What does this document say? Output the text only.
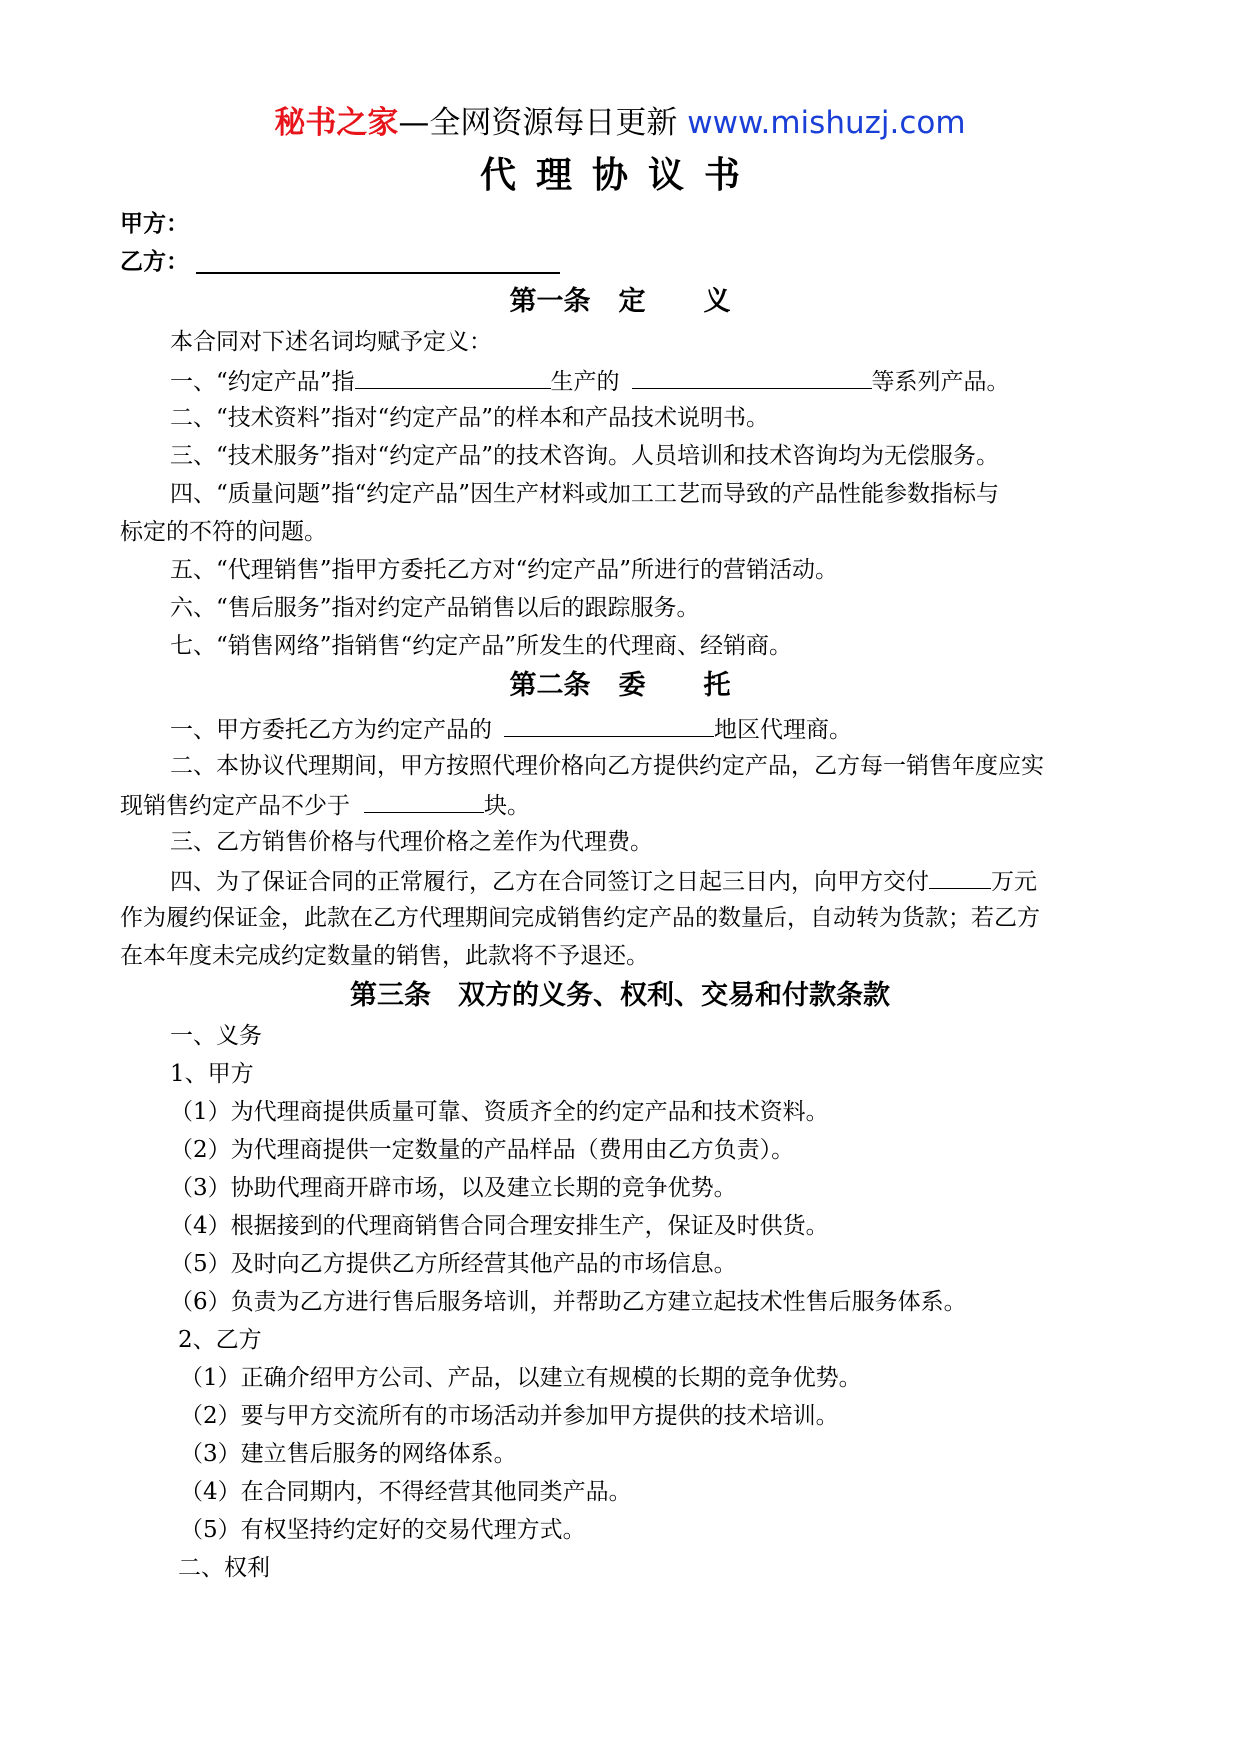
秘书之家—全网资源每日更新 www.mishuzj.com
代理协议书
甲方：
乙方：
第一条 定 义
本合同对下述名词均赋予定义：
一、“约定产品”指	生产的	等系列产品。
二、“技术资料”指对“约定产品”的样本和产品技术说明书。
三、“技术服务”指对“约定产品”的技术咨询。人员培训和技术咨询均为无偿服务。
四、“质量问题”指“约定产品”因生产材料或加工工艺而导致的产品性能参数指标与
标定的不符的问题。
五、“代理销售”指甲方委托乙方对“约定产品”所进行的营销活动。
六、“售后服务”指对约定产品销售以后的跟踪服务。
七、“销售网络”指销售“约定产品”所发生的代理商、经销商。
第二条 委 托
一、甲方委托乙方为约定产品的	地区代理商。
二、本协议代理期间，甲方按照代理价格向乙方提供约定产品，乙方每一销售年度应实
现销售约定产品不少于	块。
三、乙方销售价格与代理价格之差作为代理费。
四、为了保证合同的正常履行，乙方在合同签订之日起三日内，向甲方交付	万元
作为履约保证金，此款在乙方代理期间完成销售约定产品的数量后，自动转为货款；若乙方
在本年度未完成约定数量的销售，此款将不予退还。
第三条　双方的义务、权利、交易和付款条款
一、义务
1、甲方
（1）为代理商提供质量可靠、资质齐全的约定产品和技术资料。
（2）为代理商提供一定数量的产品样品（费用由乙方负责）。
（3）协助代理商开辟市场，以及建立长期的竞争优势。
（4）根据接到的代理商销售合同合理安排生产，保证及时供货。
（5）及时向乙方提供乙方所经营其他产品的市场信息。
（6）负责为乙方进行售后服务培训，并帮助乙方建立起技术性售后服务体系。
2、乙方
（1）正确介绍甲方公司、产品，以建立有规模的长期的竞争优势。
（2）要与甲方交流所有的市场活动并参加甲方提供的技术培训。
（3）建立售后服务的网络体系。
（4）在合同期内，不得经营其他同类产品。
（5）有权坚持约定好的交易代理方式。
二、权利
